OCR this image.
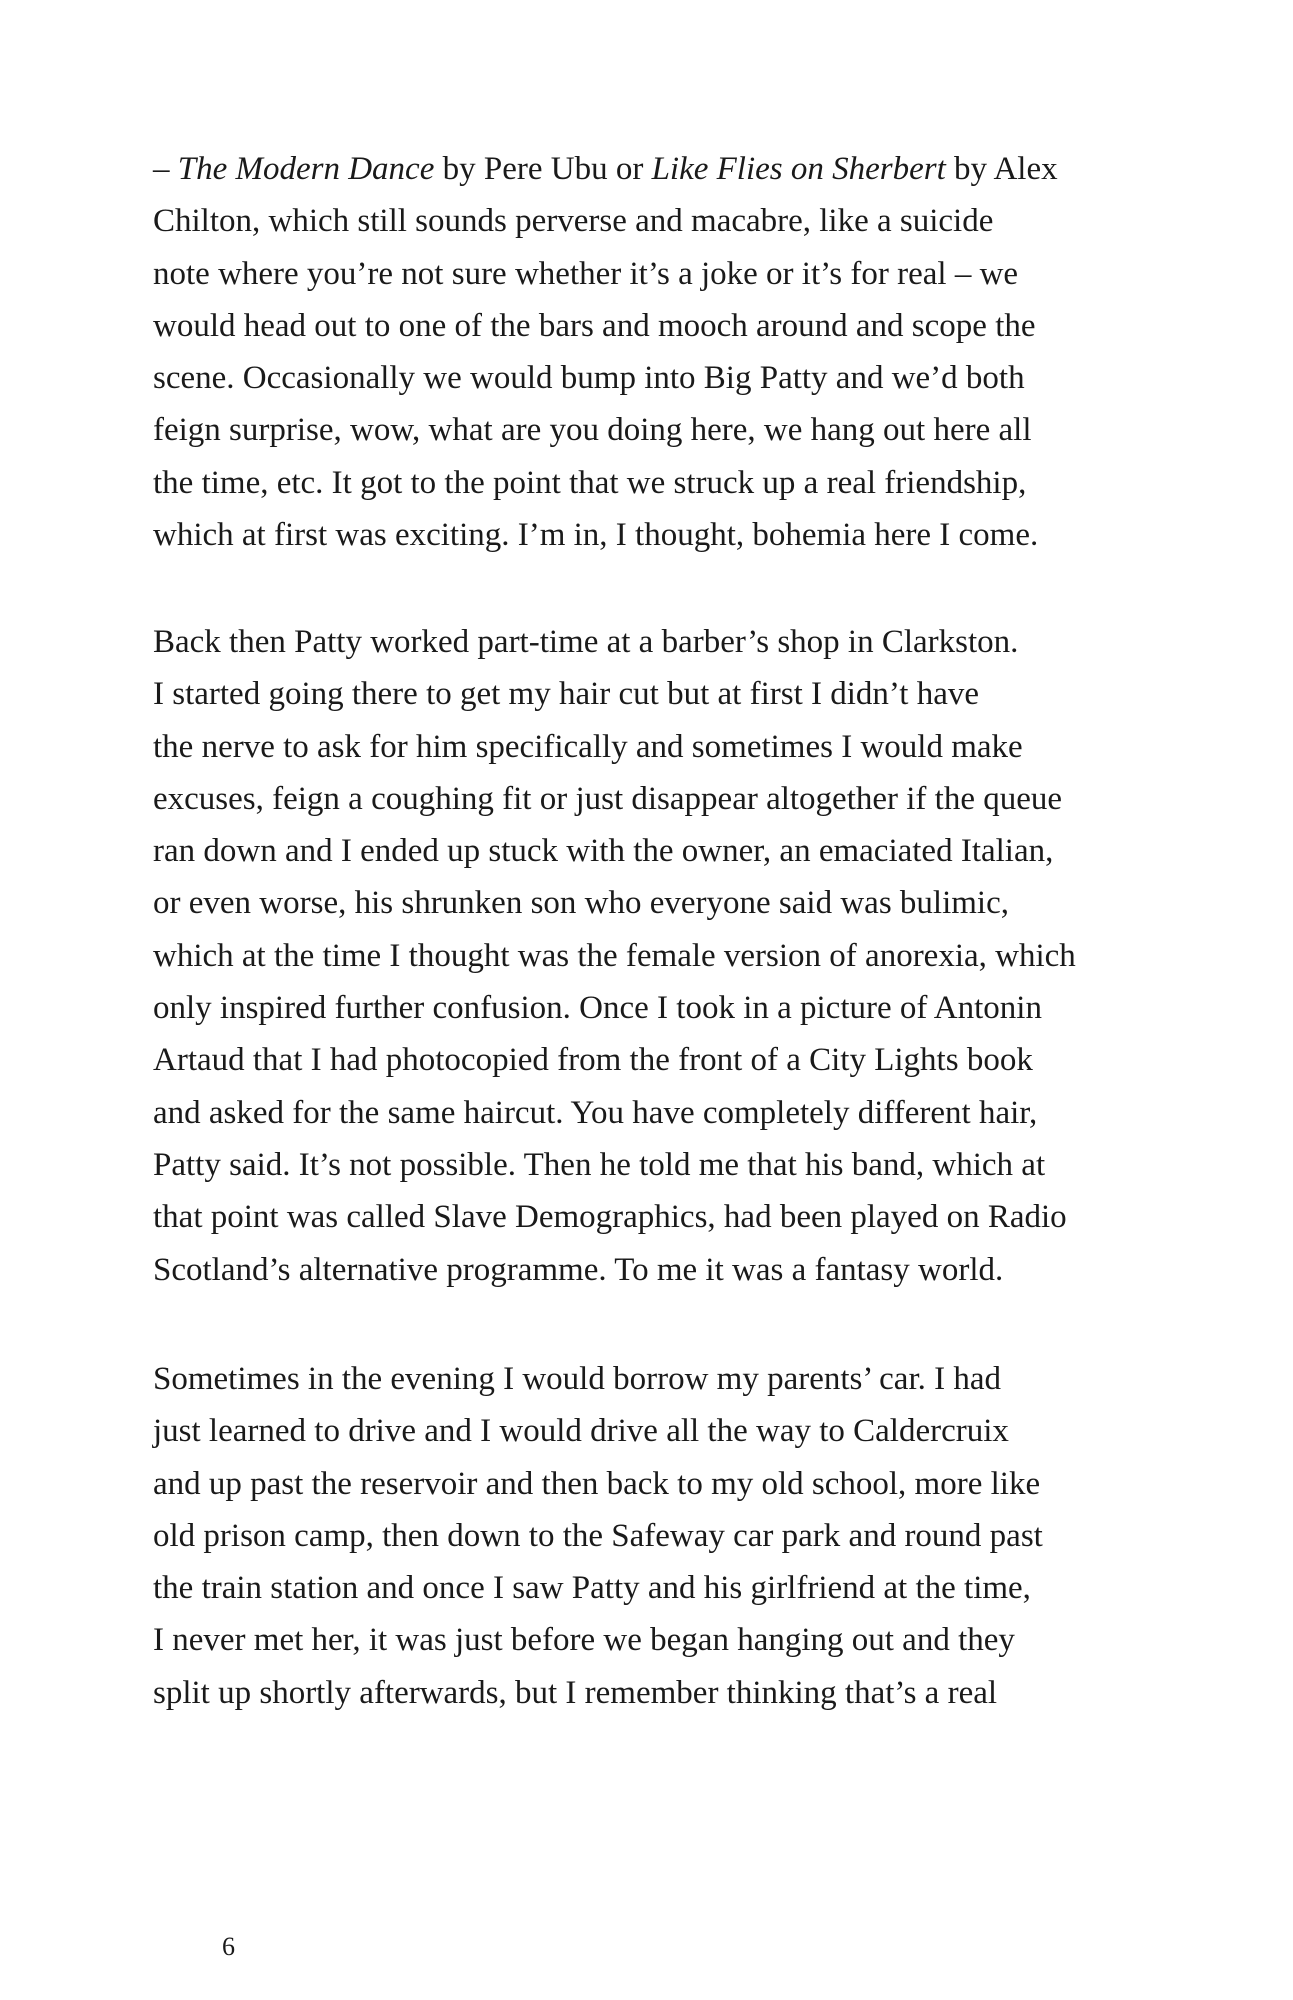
– The Modern Dance by Pere Ubu or Like Flies on Sherbert by Alex
Chilton, which still sounds perverse and macabre, like a suicide
note where you’re not sure whether it’s a joke or it’s for real – we
would head out to one of the bars and mooch around and scope the
scene. Occasionally we would bump into Big Patty and we’d both
feign surprise, wow, what are you doing here, we hang out here all
the time, etc. It got to the point that we struck up a real friendship,
which at first was exciting. I’m in, I thought, bohemia here I come.
Back then Patty worked part-time at a barber’s shop in Clarkston.
I started going there to get my hair cut but at first I didn’t have
the nerve to ask for him specifically and sometimes I would make
excuses, feign a coughing fit or just disappear altogether if the queue
ran down and I ended up stuck with the owner, an emaciated Italian,
or even worse, his shrunken son who everyone said was bulimic,
which at the time I thought was the female version of anorexia, which
only inspired further confusion. Once I took in a picture of Antonin
Artaud that I had photocopied from the front of a City Lights book
and asked for the same haircut. You have completely different hair,
Patty said. It’s not possible. Then he told me that his band, which at
that point was called Slave Demographics, had been played on Radio
Scotland’s alternative programme. To me it was a fantasy world.
Sometimes in the evening I would borrow my parents’ car. I had
just learned to drive and I would drive all the way to Caldercruix
and up past the reservoir and then back to my old school, more like
old prison camp, then down to the Safeway car park and round past
the train station and once I saw Patty and his girlfriend at the time,
I never met her, it was just before we began hanging out and they
split up shortly afterwards, but I remember thinking that’s a real
6
